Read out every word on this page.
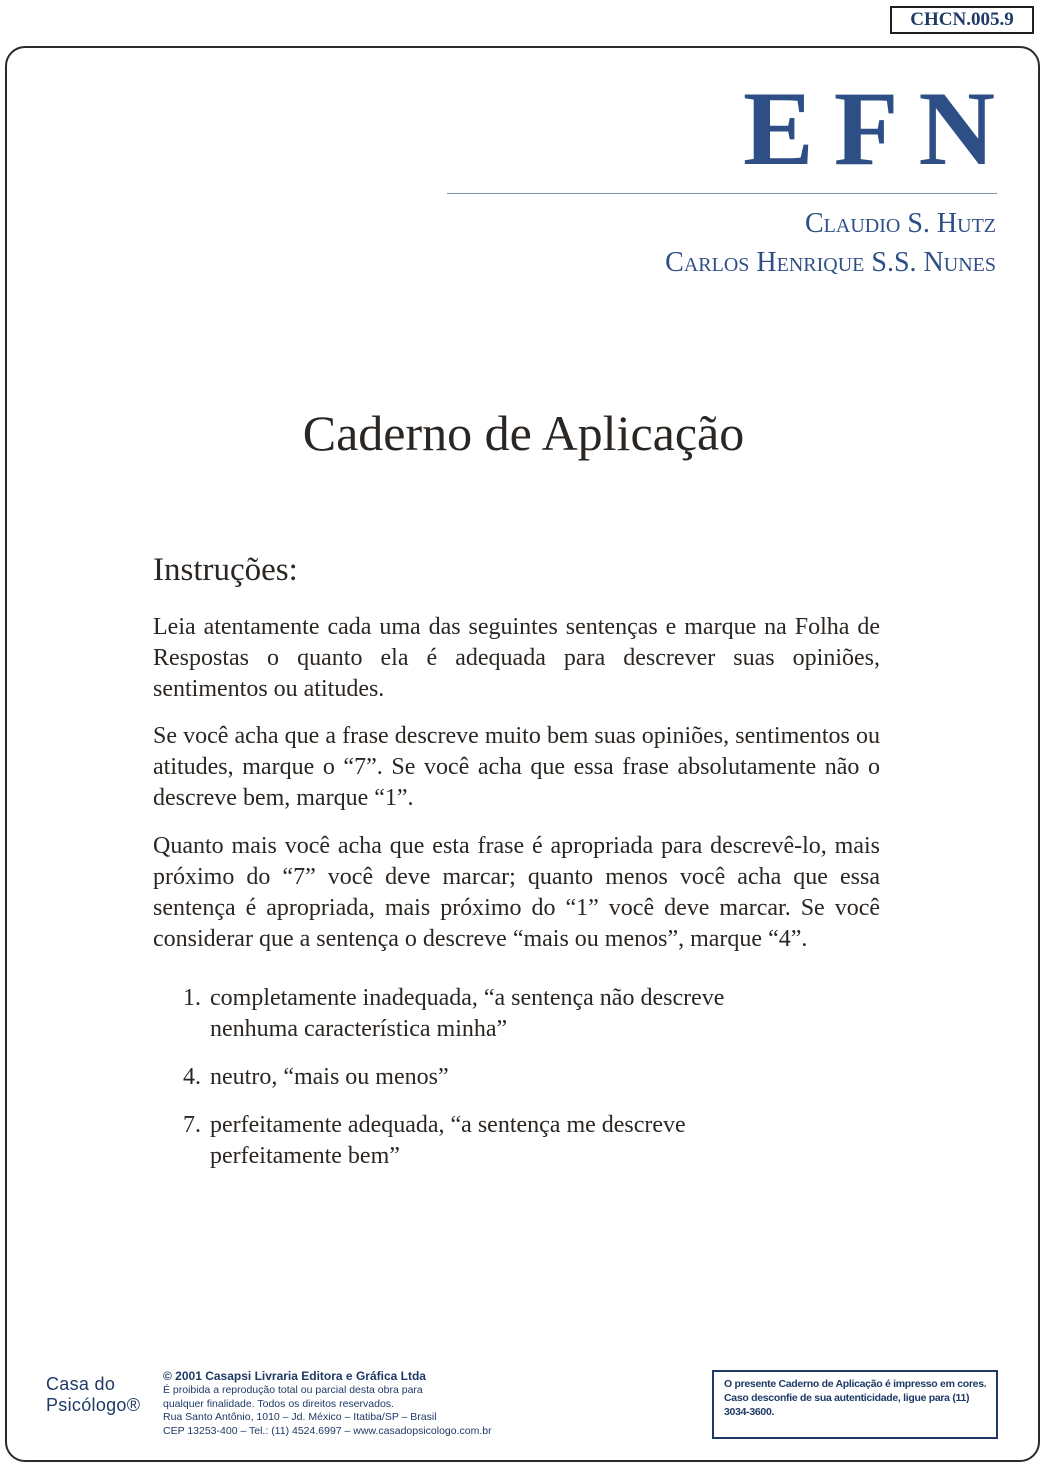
CHCN.005.9
EFN
Claudio S. Hutz
Carlos Henrique S.S. Nunes
Caderno de Aplicação
Instruções:

Leia atentamente cada uma das seguintes sentenças e marque na Folha de Respostas o quanto ela é adequada para descrever suas opiniões, sentimentos ou atitudes.

Se você acha que a frase descreve muito bem suas opiniões, sentimentos ou atitudes, marque o “7”. Se você acha que essa frase absolutamente não o descreve bem, marque “1”.

Quanto mais você acha que esta frase é apropriada para descrevê-lo, mais próximo do “7” você deve marcar; quanto menos você acha que essa sentença é apropriada, mais próximo do “1” você deve marcar. Se você considerar que a sentença o descreve “mais ou menos”, marque “4”.

1. completamente inadequada, “a sentença não descreve nenhuma característica minha”
4. neutro, “mais ou menos”
7. perfeitamente adequada, “a sentença me descreve perfeitamente bem”
Casa do
Psicólogo®
© 2001 Casapsi Livraria Editora e Gráfica Ltda
É proibida a reprodução total ou parcial desta obra para
qualquer finalidade. Todos os direitos reservados.
Rua Santo Antônio, 1010 – Jd. México – Itatiba/SP – Brasil
CEP 13253-400 – Tel.: (11) 4524.6997 – www.casadopsicologo.com.br
O presente Caderno de Aplicação é impresso em cores.
Caso desconfie de sua autenticidade, ligue para (11) 3034-3600.
